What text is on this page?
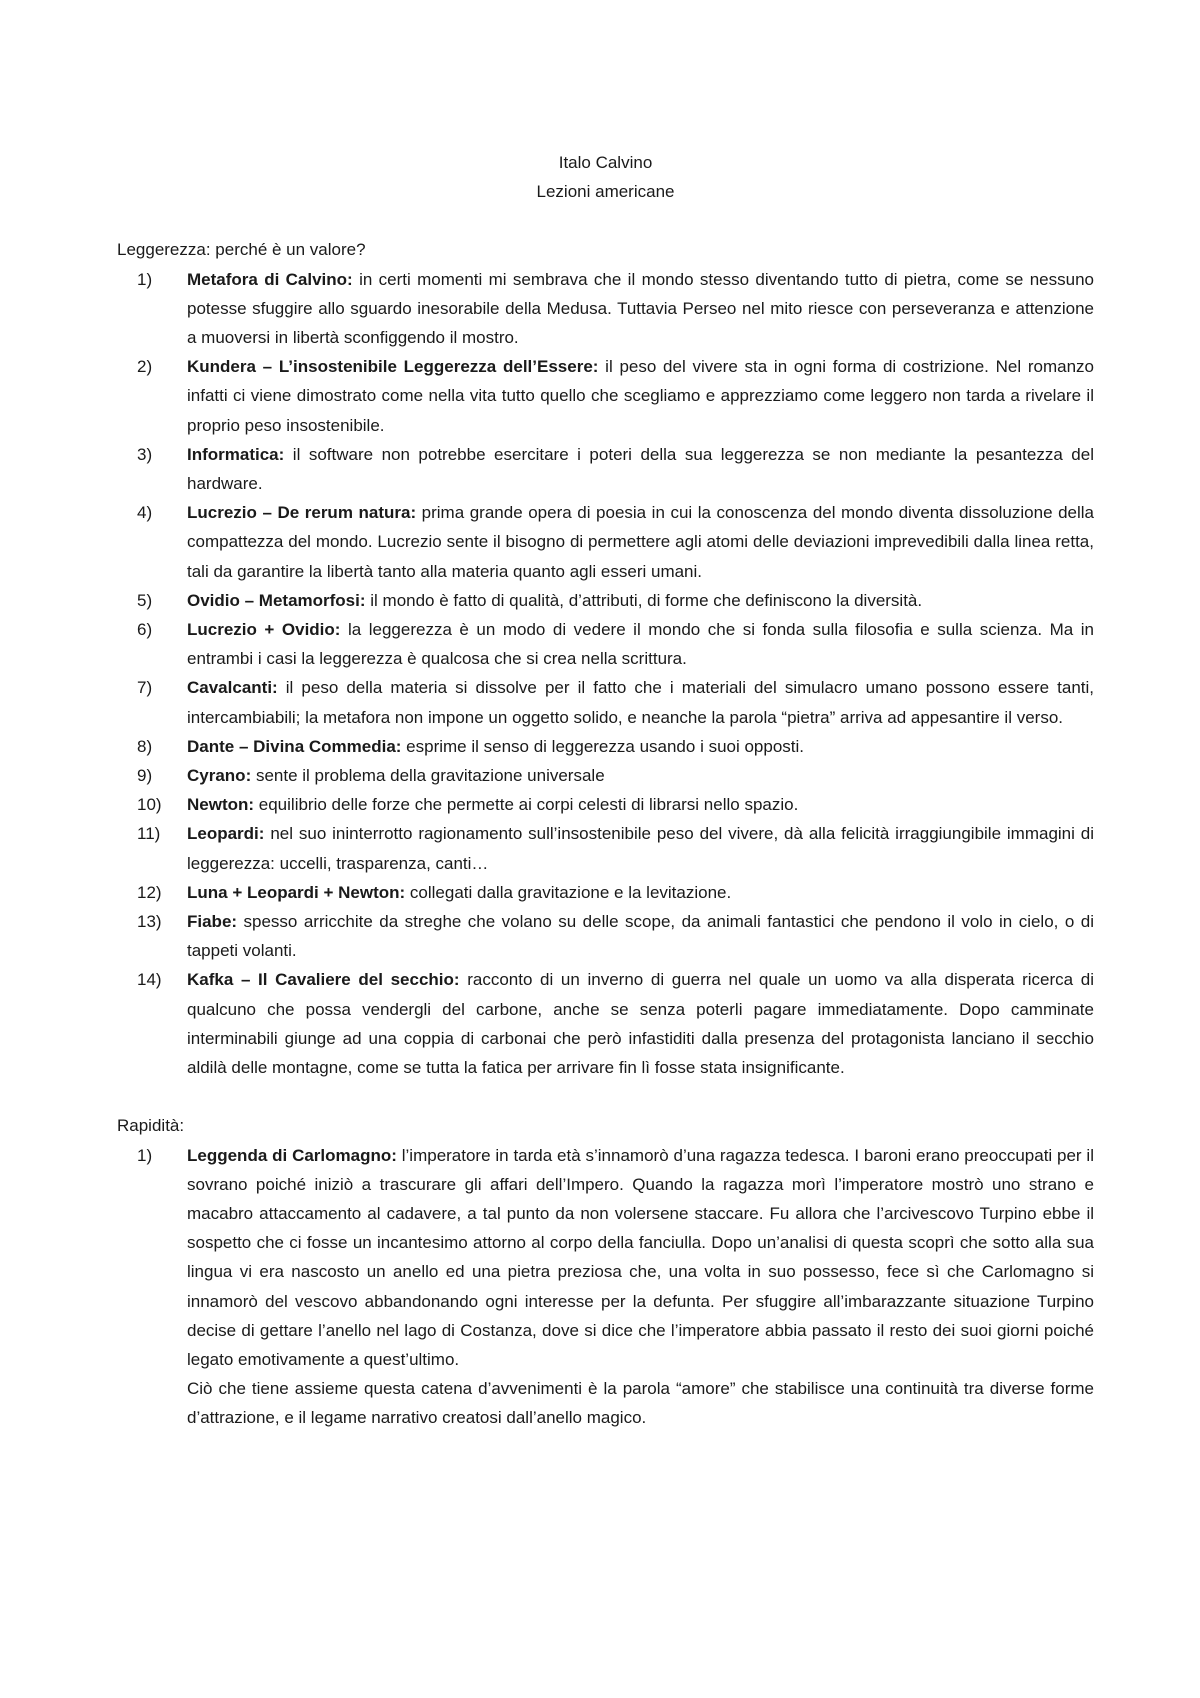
Italo Calvino

Lezioni americane

Leggerezza: perché è un valore?

1) Metafora di Calvino: in certi momenti mi sembrava che il mondo stesso diventando tutto di pietra, come se nessuno potesse sfuggire allo sguardo inesorabile della Medusa. Tuttavia Perseo nel mito riesce con perseveranza e attenzione a muoversi in libertà sconfiggendo il mostro.
2) Kundera – L’insostenibile Leggerezza dell’Essere: il peso del vivere sta in ogni forma di costrizione. Nel romanzo infatti ci viene dimostrato come nella vita tutto quello che scegliamo e apprezziamo come leggero non tarda a rivelare il proprio peso insostenibile.
3) Informatica: il software non potrebbe esercitare i poteri della sua leggerezza se non mediante la pesantezza del hardware.
4) Lucrezio – De rerum natura: prima grande opera di poesia in cui la conoscenza del mondo diventa dissoluzione della compattezza del mondo. Lucrezio sente il bisogno di permettere agli atomi delle deviazioni imprevedibili dalla linea retta, tali da garantire la libertà tanto alla materia quanto agli esseri umani.
5) Ovidio – Metamorfosi: il mondo è fatto di qualità, d’attributi, di forme che definiscono la diversità.
6) Lucrezio + Ovidio: la leggerezza è un modo di vedere il mondo che si fonda sulla filosofia e sulla scienza. Ma in entrambi i casi la leggerezza è qualcosa che si crea nella scrittura.
7) Cavalcanti: il peso della materia si dissolve per il fatto che i materiali del simulacro umano possono essere tanti, intercambiabili; la metafora non impone un oggetto solido, e neanche la parola “pietra” arriva ad appesantire il verso.
8) Dante – Divina Commedia: esprime il senso di leggerezza usando i suoi opposti.
9) Cyrano: sente il problema della gravitazione universale
10) Newton: equilibrio delle forze che permette ai corpi celesti di librarsi nello spazio.
11) Leopardi: nel suo ininterrotto ragionamento sull’insostenibile peso del vivere, dà alla felicità irraggiungibile immagini di leggerezza: uccelli, trasparenza, canti…
12) Luna + Leopardi + Newton: collegati dalla gravitazione e la levitazione.
13) Fiabe: spesso arricchite da streghe che volano su delle scope, da animali fantastici che pendono il volo in cielo, o di tappeti volanti.
14) Kafka – Il Cavaliere del secchio: racconto di un inverno di guerra nel quale un uomo va alla disperata ricerca di qualcuno che possa vendergli del carbone, anche se senza poterli pagare immediatamente. Dopo camminate interminabili giunge ad una coppia di carbonai che però infastiditi dalla presenza del protagonista lanciano il secchio aldilà delle montagne, come se tutta la fatica per arrivare fin lì fosse stata insignificante.

Rapidità:

1) Leggenda di Carlomagno: l’imperatore in tarda età s’innamorò d’una ragazza tedesca. I baroni erano preoccupati per il sovrano poiché iniziò a trascurare gli affari dell’Impero. Quando la ragazza morì l’imperatore mostrò uno strano e macabro attaccamento al cadavere, a tal punto da non volersene staccare. Fu allora che l’arcivescovo Turpino ebbe il sospetto che ci fosse un incantesimo attorno al corpo della fanciulla. Dopo un’analisi di questa scoprì che sotto alla sua lingua vi era nascosto un anello ed una pietra preziosa che, una volta in suo possesso, fece sì che Carlomagno si innamorò del vescovo abbandonando ogni interesse per la defunta. Per sfuggire all’imbarazzante situazione Turpino decise di gettare l’anello nel lago di Costanza, dove si dice che l’imperatore abbia passato il resto dei suoi giorni poiché legato emotivamente a quest’ultimo.

Ciò che tiene assieme questa catena d’avvenimenti è la parola “amore” che stabilisce una continuità tra diverse forme d’attrazione, e il legame narrativo creatosi dall’anello magico.
